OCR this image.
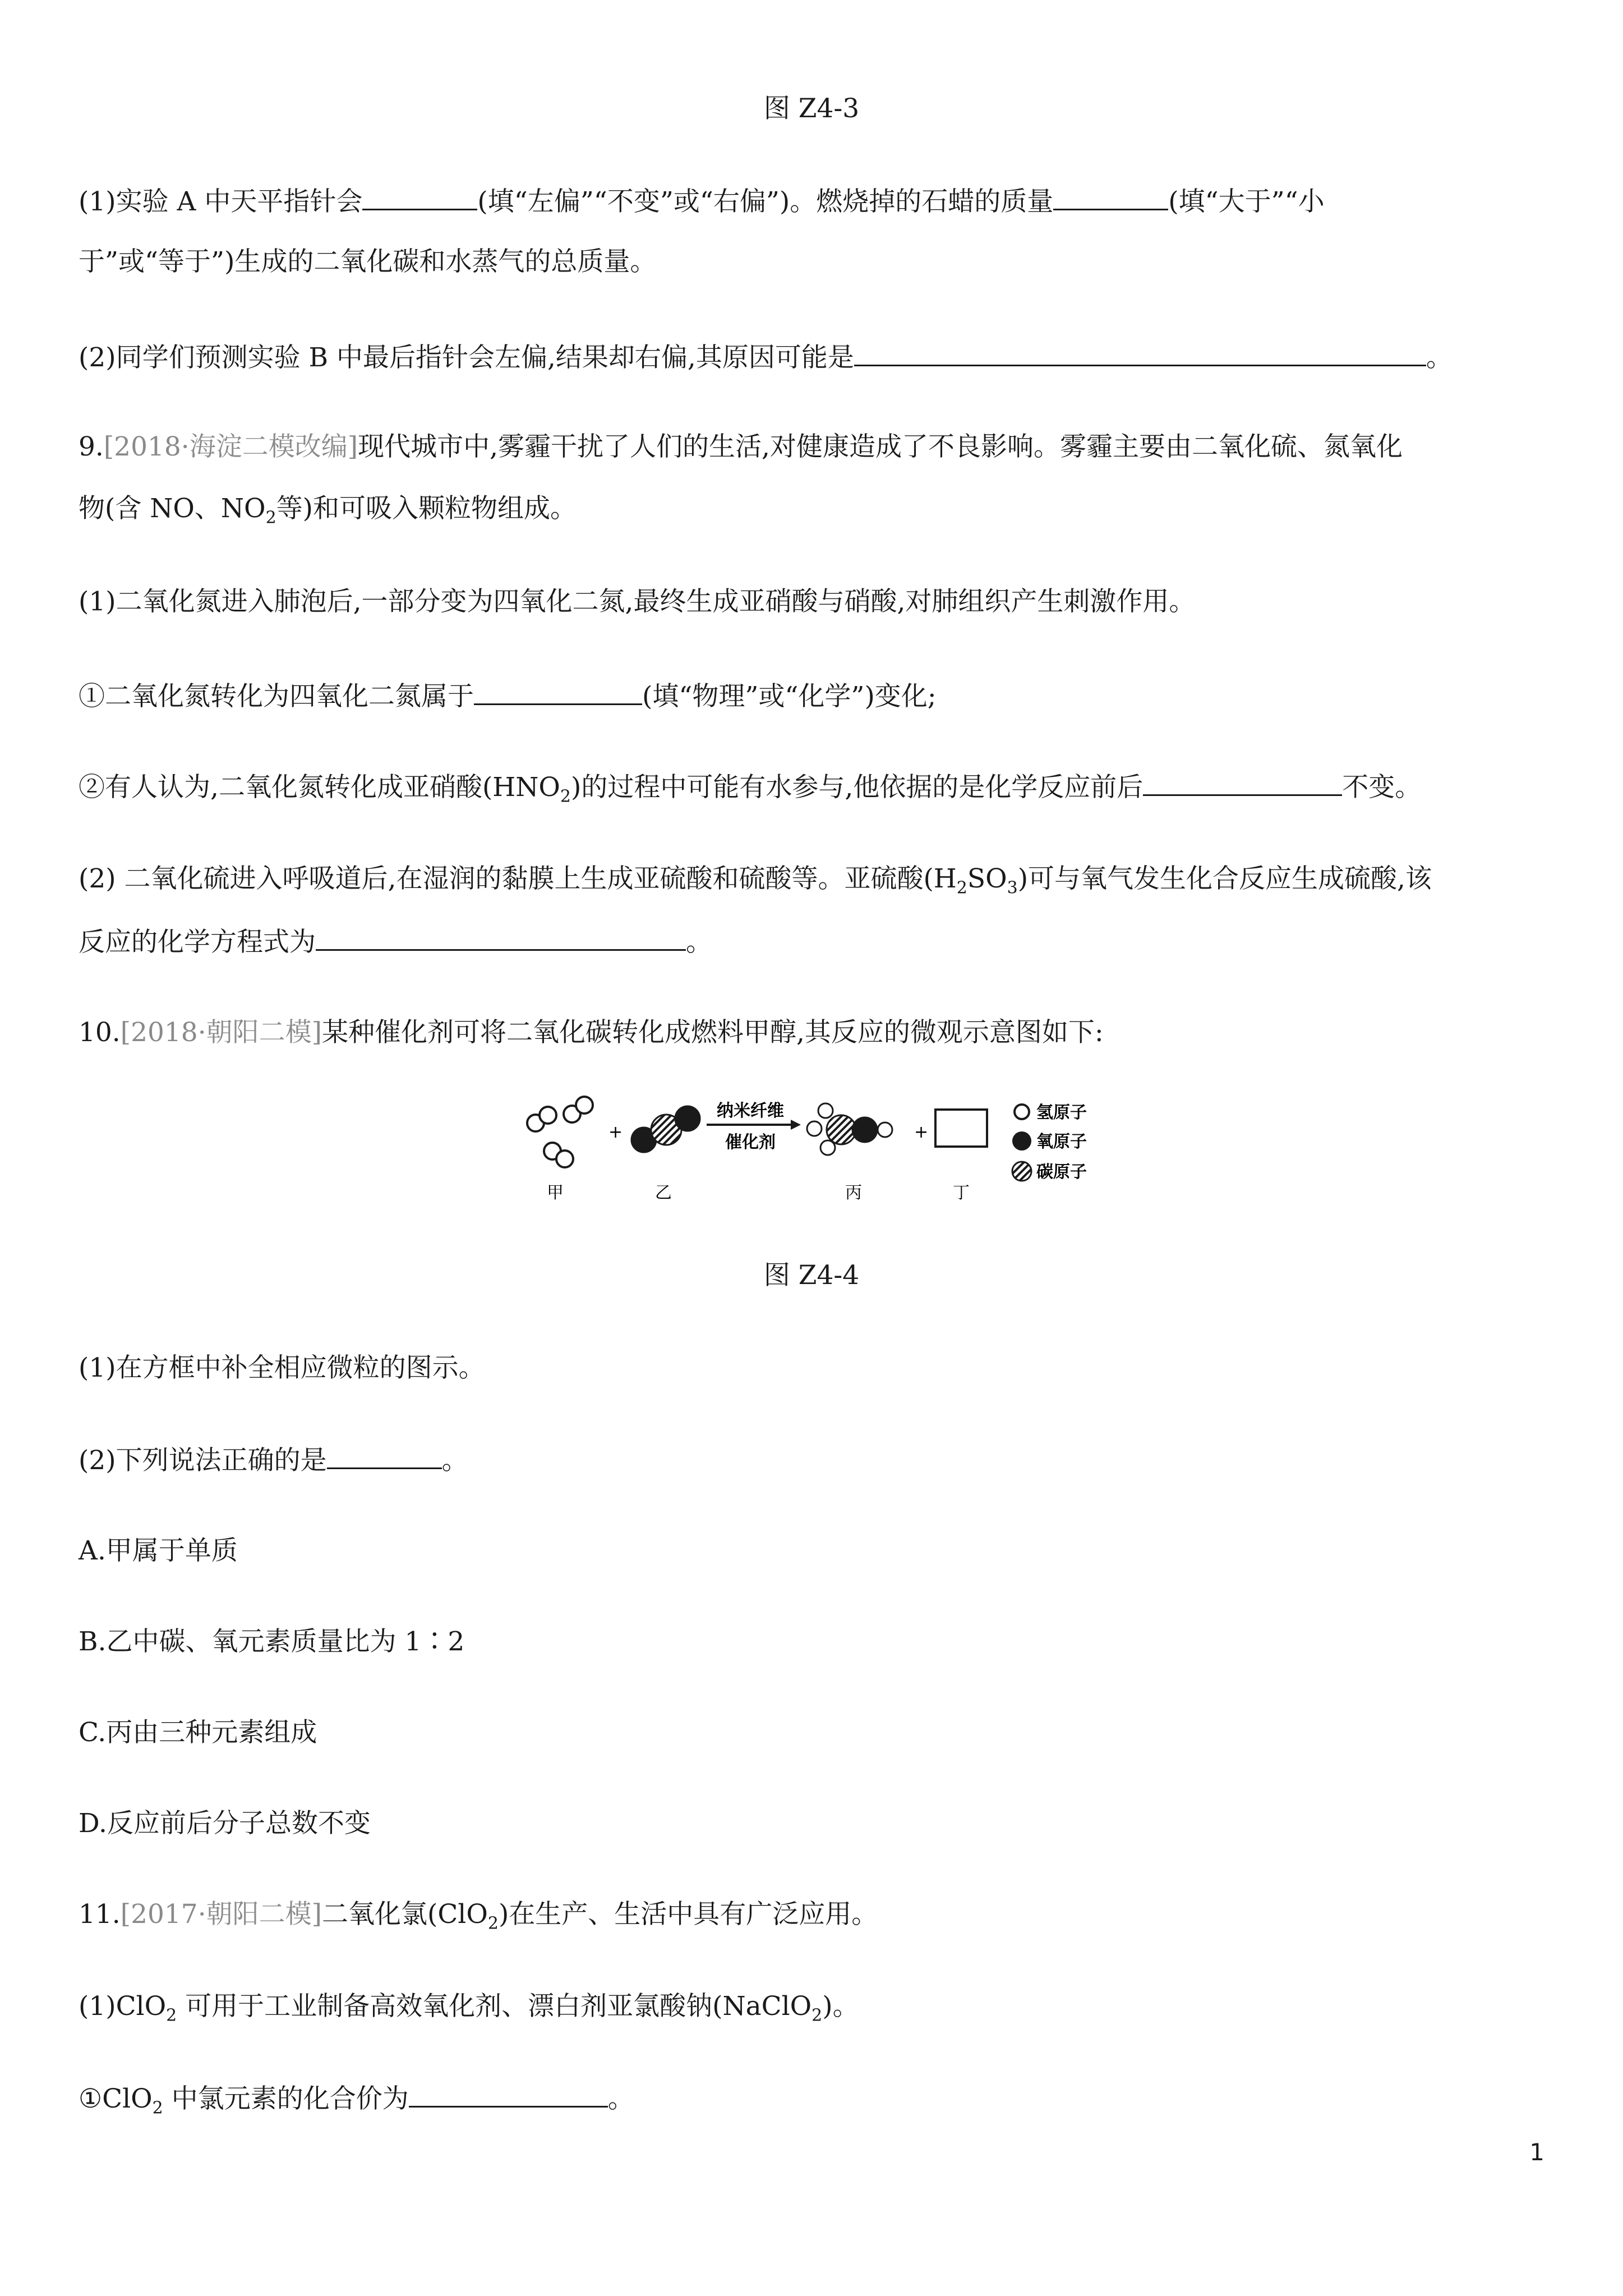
图 Z4-3
(1)实验 A 中天平指针会	(填“左偏”“不变”或“右偏”)。燃烧掉的石蜡的质量	(填“大于”“小
于”或“等于”)生成的二氧化碳和水蒸气的总质量。
(2)同学们预测实验 B 中最后指针会左偏,结果却右偏,其原因可能是	。
9.[2018·海淀二模改编]现代城市中,雾霾干扰了人们的生活,对健康造成了不良影响。雾霾主要由二氧化硫、氮氧化
物(含 NO、$NO_2$等)和可吸入颗粒物组成。
(1)二氧化氮进入肺泡后,一部分变为四氧化二氮,最终生成亚硝酸与硝酸,对肺组织产生刺激作用。
①二氧化氮转化为四氧化二氮属于	(填“物理”或“化学”)变化;
②有人认为,二氧化氮转化成亚硝酸$(HNO_2)$的过程中可能有水参与,他依据的是化学反应前后	不变。
(2) 二氧化硫进入呼吸道后,在湿润的黏膜上生成亚硫酸和硫酸等。亚硫酸$(H_2SO_3)$可与氧气发生化合反应生成硫酸,该
反应的化学方程式为	。
10.[2018·朝阳二模]某种催化剂可将二氧化碳转化成燃料甲醇,其反应的微观示意图如下:
+
纳米纤维
催化剂
+
甲	乙	丙	丁
氢原子
氧原子
碳原子
图 Z4-4
(1)在方框中补全相应微粒的图示。
(2)下列说法正确的是	。
A.甲属于单质
B.乙中碳、氧元素质量比为 1∶2
C.丙由三种元素组成
D.反应前后分子总数不变
11.[2017·朝阳二模]二氧化氯(ClO$_2$)在生产、生活中具有广泛应用。
(1)ClO$_2$ 可用于工业制备高效氧化剂、漂白剂亚氯酸钠(NaClO$_2$)。
①ClO$_2$ 中氯元素的化合价为	。
1
